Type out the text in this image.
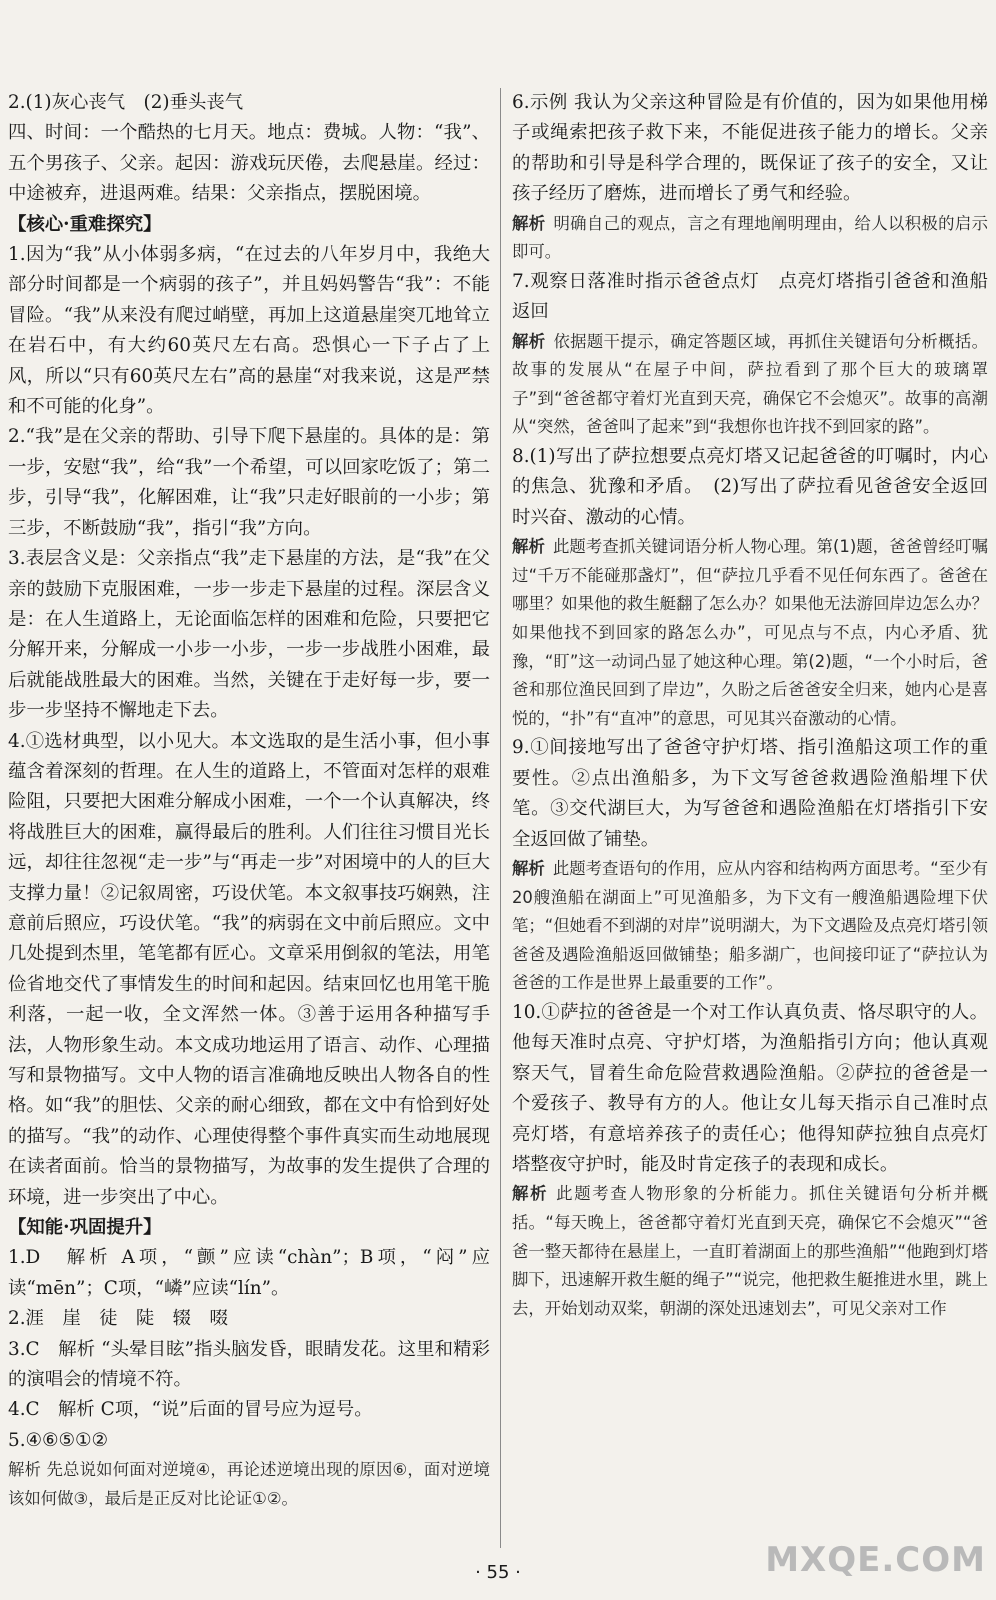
2.(1)灰心丧气　(2)垂头丧气

四、时间：一个酷热的七月天。地点：费城。人物：“我”、五个男孩子、父亲。起因：游戏玩厌倦，去爬悬崖。经过：中途被弃，进退两难。结果：父亲指点，摆脱困境。

【核心·重难探究】

1.因为“我”从小体弱多病，“在过去的八年岁月中，我绝大部分时间都是一个病弱的孩子”，并且妈妈警告“我”：不能冒险。“我”从来没有爬过峭壁，再加上这道悬崖突兀地耸立在岩石中，有大约60英尺左右高。恐惧心一下子占了上风，所以“只有60英尺左右”高的悬崖“对我来说，这是严禁和不可能的化身”。

2.“我”是在父亲的帮助、引导下爬下悬崖的。具体的是：第一步，安慰“我”，给“我”一个希望，可以回家吃饭了；第二步，引导“我”，化解困难，让“我”只走好眼前的一小步；第三步，不断鼓励“我”，指引“我”方向。

3.表层含义是：父亲指点“我”走下悬崖的方法，是“我”在父亲的鼓励下克服困难，一步一步走下悬崖的过程。深层含义是：在人生道路上，无论面临怎样的困难和危险，只要把它分解开来，分解成一小步一小步，一步一步战胜小困难，最后就能战胜最大的困难。当然，关键在于走好每一步，要一步一步坚持不懈地走下去。

4.①选材典型，以小见大。本文选取的是生活小事，但小事蕴含着深刻的哲理。在人生的道路上，不管面对怎样的艰难险阻，只要把大困难分解成小困难，一个一个认真解决，终将战胜巨大的困难，赢得最后的胜利。人们往往习惯目光长远，却往往忽视“走一步”与“再走一步”对困境中的人的巨大支撑力量！②记叙周密，巧设伏笔。本文叙事技巧娴熟，注意前后照应，巧设伏笔。“我”的病弱在文中前后照应。文中几处提到杰里，笔笔都有匠心。文章采用倒叙的笔法，用笔俭省地交代了事情发生的时间和起因。结束回忆也用笔干脆利落，一起一收，全文浑然一体。③善于运用各种描写手法，人物形象生动。本文成功地运用了语言、动作、心理描写和景物描写。文中人物的语言准确地反映出人物各自的性格。如“我”的胆怯、父亲的耐心细致，都在文中有恰到好处的描写。“我”的动作、心理使得整个事件真实而生动地展现在读者面前。恰当的景物描写，为故事的发生提供了合理的环境，进一步突出了中心。

【知能·巩固提升】

1.D　解析 A项，“颤”应读“chàn”；B项，“闷”应读“mēn”；C项，“嶙”应读“lín”。

2.涯　崖　徒　陡　辍　啜

3.C　解析 “头晕目眩”指头脑发昏，眼睛发花。这里和精彩的演唱会的情境不符。

4.C　解析 C项，“说”后面的冒号应为逗号。

5.④⑥⑤①②

解析 先总说如何面对逆境④，再论述逆境出现的原因⑥，面对逆境该如何做③，最后是正反对比论证①②。

6.示例 我认为父亲这种冒险是有价值的，因为如果他用梯子或绳索把孩子救下来，不能促进孩子能力的增长。父亲的帮助和引导是科学合理的，既保证了孩子的安全，又让孩子经历了磨炼，进而增长了勇气和经验。

解析 明确自己的观点，言之有理地阐明理由，给人以积极的启示即可。

7.观察日落准时指示爸爸点灯　点亮灯塔指引爸爸和渔船返回

解析 依据题干提示，确定答题区域，再抓住关键语句分析概括。故事的发展从“在屋子中间，萨拉看到了那个巨大的玻璃罩子”到“爸爸都守着灯光直到天亮，确保它不会熄灭”。故事的高潮从“突然，爸爸叫了起来”到“我想你也许找不到回家的路”。

8.(1)写出了萨拉想要点亮灯塔又记起爸爸的叮嘱时，内心的焦急、犹豫和矛盾。　(2)写出了萨拉看见爸爸安全返回时兴奋、激动的心情。

解析 此题考查抓关键词语分析人物心理。第(1)题，爸爸曾经叮嘱过“千万不能碰那盏灯”，但“萨拉几乎看不见任何东西了。爸爸在哪里？如果他的救生艇翻了怎么办？如果他无法游回岸边怎么办？如果他找不到回家的路怎么办”，可见点与不点，内心矛盾、犹豫，“盯”这一动词凸显了她这种心理。第(2)题，“一个小时后，爸爸和那位渔民回到了岸边”，久盼之后爸爸安全归来，她内心是喜悦的，“扑”有“直冲”的意思，可见其兴奋激动的心情。

9.①间接地写出了爸爸守护灯塔、指引渔船这项工作的重要性。②点出渔船多，为下文写爸爸救遇险渔船埋下伏笔。③交代湖巨大，为写爸爸和遇险渔船在灯塔指引下安全返回做了铺垫。

解析 此题考查语句的作用，应从内容和结构两方面思考。“至少有20艘渔船在湖面上”可见渔船多，为下文有一艘渔船遇险埋下伏笔；“但她看不到湖的对岸”说明湖大，为下文遇险及点亮灯塔引领爸爸及遇险渔船返回做铺垫；船多湖广，也间接印证了“萨拉认为爸爸的工作是世界上最重要的工作”。

10.①萨拉的爸爸是一个对工作认真负责、恪尽职守的人。他每天准时点亮、守护灯塔，为渔船指引方向；他认真观察天气，冒着生命危险营救遇险渔船。②萨拉的爸爸是一个爱孩子、教导有方的人。他让女儿每天指示自己准时点亮灯塔，有意培养孩子的责任心；他得知萨拉独自点亮灯塔整夜守护时，能及时肯定孩子的表现和成长。

解析 此题考查人物形象的分析能力。抓住关键语句分析并概括。“每天晚上，爸爸都守着灯光直到天亮，确保它不会熄灭”“爸爸一整天都待在悬崖上，一直盯着湖面上的那些渔船”“他跑到灯塔脚下，迅速解开救生艇的绳子”“说完，他把救生艇推进水里，跳上去，开始划动双桨，朝湖的深处迅速划去”，可见父亲对工作

· 55 ·	MXQE.COM
